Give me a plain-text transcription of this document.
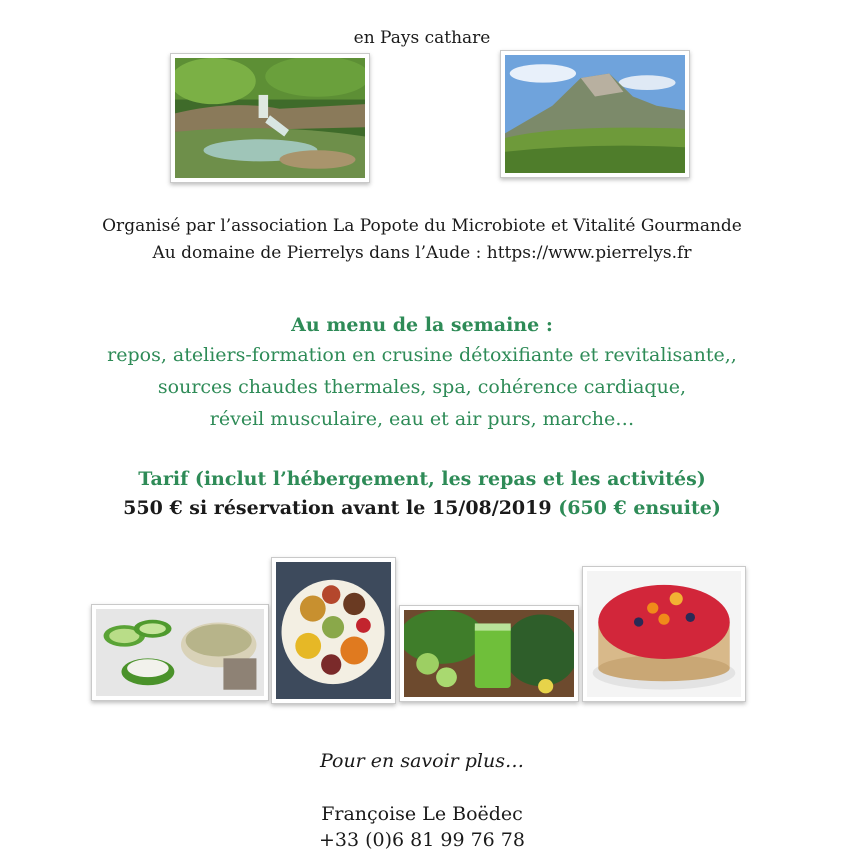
en Pays cathare
Organisé par l’association La Popote du Microbiote et Vitalité Gourmande
Au domaine de Pierrelys dans l’Aude : https://www.pierrelys.fr
Au menu de la semaine :
repos, ateliers-formation en crusine détoxifiante et revitalisante,,
sources chaudes thermales, spa, cohérence cardiaque,
réveil musculaire, eau et air purs, marche…
Tarif (inclut l’hébergement, les repas et les activités)
550 € si réservation avant le 15/08/2019 (650 € ensuite)
Pour en savoir plus…
Françoise Le Boëdec
+33 (0)6 81 99 76 78
